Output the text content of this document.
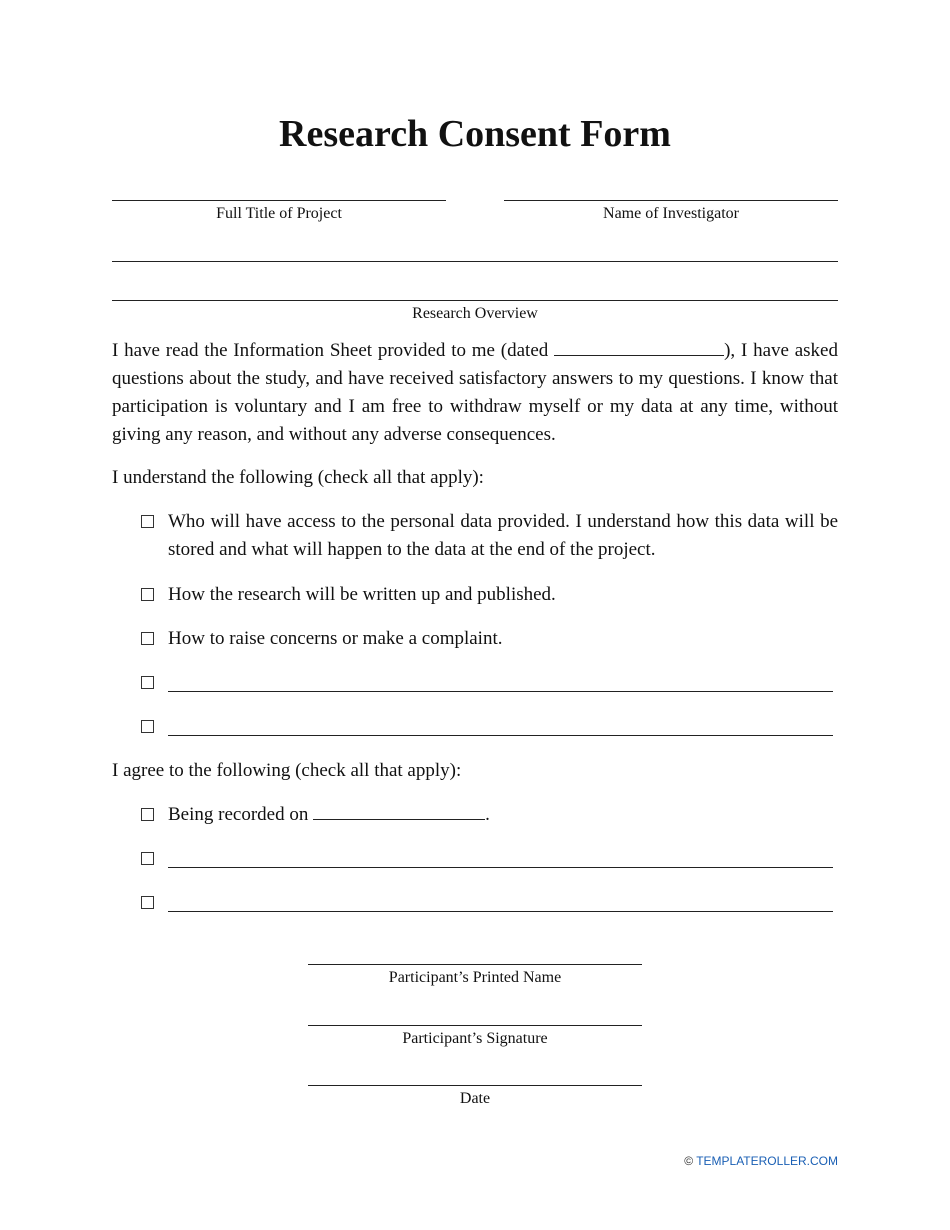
Research Consent Form
Full Title of Project	Name of Investigator
Research Overview

I have read the Information Sheet provided to me (dated	), I have asked questions about the study, and have received satisfactory answers to my questions. I know that participation is voluntary and I am free to withdraw myself or my data at any time, without giving any reason, and without any adverse consequences.

I understand the following (check all that apply):

Who will have access to the personal data provided. I understand how this data will be stored and what will happen to the data at the end of the project.
How the research will be written up and published.
How to raise concerns or make a complaint.

I agree to the following (check all that apply):

Being recorded on	.
Participant’s Printed Name
Participant’s Signature
Date
© TEMPLATEROLLER.COM
